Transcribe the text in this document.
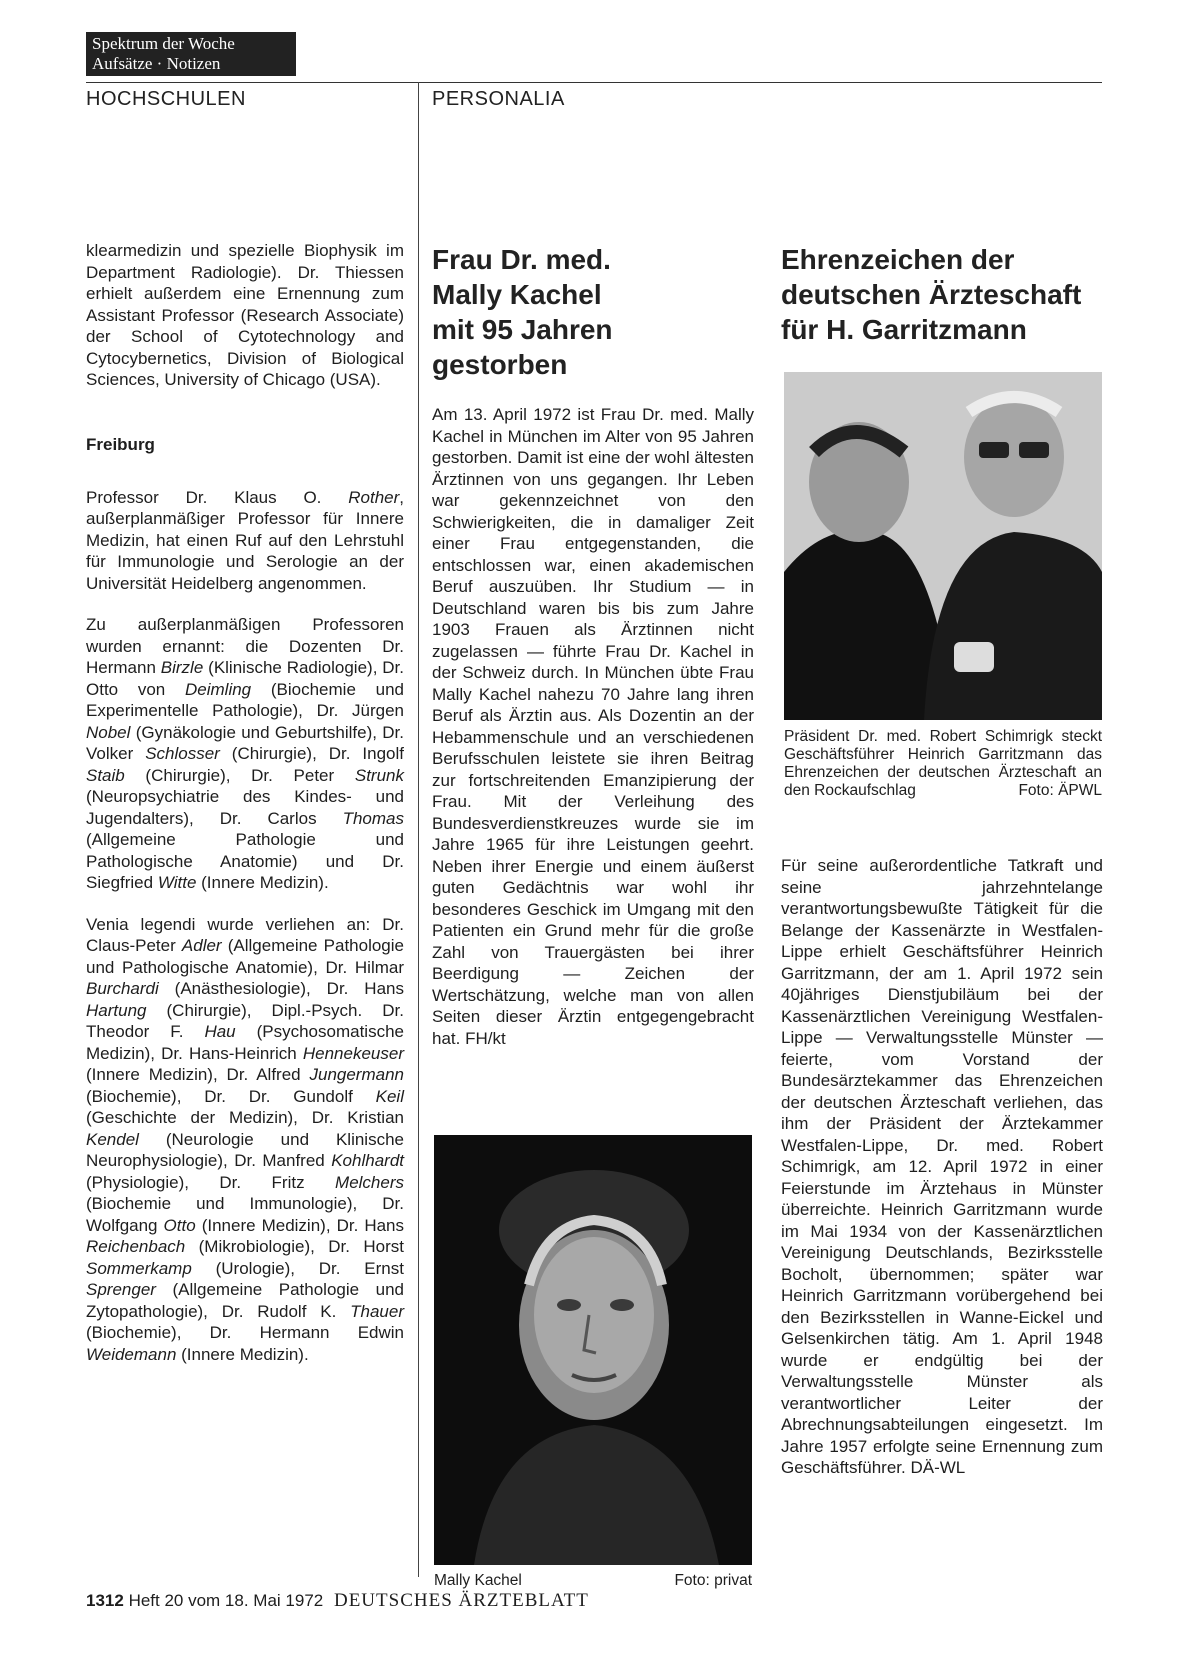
Spektrum der Woche
Aufsätze · Notizen
HOCHSCHULEN	PERSONALIA

klearmedizin und spezielle Biophysik im Department Radiologie). Dr. Thiessen erhielt außerdem eine Ernennung zum Assistant Professor (Research Associate) der School of Cytotechnology and Cytocybernetics, Division of Biological Sciences, University of Chicago (USA).

Freiburg

Professor Dr. Klaus O. Rother, außerplanmäßiger Professor für Innere Medizin, hat einen Ruf auf den Lehrstuhl für Immunologie und Serologie an der Universität Heidelberg angenommen.

Zu außerplanmäßigen Professoren wurden ernannt: die Dozenten Dr. Hermann Birzle (Klinische Radiologie), Dr. Otto von Deimling (Biochemie und Experimentelle Pathologie), Dr. Jürgen Nobel (Gynäkologie und Geburtshilfe), Dr. Volker Schlosser (Chirurgie), Dr. Ingolf Staib (Chirurgie), Dr. Peter Strunk (Neuropsychiatrie des Kindes- und Jugendalters), Dr. Carlos Thomas (Allgemeine Pathologie und Pathologische Anatomie) und Dr. Siegfried Witte (Innere Medizin).

Venia legendi wurde verliehen an: Dr. Claus-Peter Adler (Allgemeine Pathologie und Pathologische Anatomie), Dr. Hilmar Burchardi (Anästhesiologie), Dr. Hans Hartung (Chirurgie), Dipl.-Psych. Dr. Theodor F. Hau (Psychosomatische Medizin), Dr. Hans-Heinrich Hennekeuser (Innere Medizin), Dr. Alfred Jungermann (Biochemie), Dr. Dr. Gundolf Keil (Geschichte der Medizin), Dr. Kristian Kendel (Neurologie und Klinische Neurophysiologie), Dr. Manfred Kohlhardt (Physiologie), Dr. Fritz Melchers (Biochemie und Immunologie), Dr. Wolfgang Otto (Innere Medizin), Dr. Hans Reichenbach (Mikrobiologie), Dr. Horst Sommerkamp (Urologie), Dr. Ernst Sprenger (Allgemeine Pathologie und Zytopathologie), Dr. Rudolf K. Thauer (Biochemie), Dr. Hermann Edwin Weidemann (Innere Medizin).

Frau Dr. med.
Mally Kachel
mit 95 Jahren gestorben

Am 13. April 1972 ist Frau Dr. med. Mally Kachel in München im Alter von 95 Jahren gestorben. Damit ist eine der wohl ältesten Ärztinnen von uns gegangen. Ihr Leben war gekennzeichnet von den Schwierigkeiten, die in damaliger Zeit einer Frau entgegenstanden, die entschlossen war, einen akademischen Beruf auszuüben. Ihr Studium — in Deutschland waren bis bis zum Jahre 1903 Frauen als Ärztinnen nicht zugelassen — führte Frau Dr. Kachel in der Schweiz durch. In München übte Frau Mally Kachel nahezu 70 Jahre lang ihren Beruf als Ärztin aus. Als Dozentin an der Hebammenschule und an verschiedenen Berufsschulen leistete sie ihren Beitrag zur fortschreitenden Emanzipierung der Frau. Mit der Verleihung des Bundesverdienstkreuzes wurde sie im Jahre 1965 für ihre Leistungen geehrt. Neben ihrer Energie und einem äußerst guten Gedächtnis war wohl ihr besonderes Geschick im Umgang mit den Patienten ein Grund mehr für die große Zahl von Trauergästen bei ihrer Beerdigung — Zeichen der Wertschätzung, welche man von allen Seiten dieser Ärztin entgegengebracht hat. FH/kt

Mally Kachel	Foto: privat
Ehrenzeichen der
deutschen Ärzteschaft
für H. Garritzmann
Präsident Dr. med. Robert Schimrigk steckt Geschäftsführer Heinrich Garritzmann das Ehrenzeichen der deutschen Ärzteschaft an den Rockaufschlag	Foto: ÄPWL

Für seine außerordentliche Tatkraft und seine jahrzehntelange verantwortungsbewußte Tätigkeit für die Belange der Kassenärzte in Westfalen-Lippe erhielt Geschäftsführer Heinrich Garritzmann, der am 1. April 1972 sein 40jähriges Dienstjubiläum bei der Kassenärztlichen Vereinigung Westfalen-Lippe — Verwaltungsstelle Münster — feierte, vom Vorstand der Bundesärztekammer das Ehrenzeichen der deutschen Ärzteschaft verliehen, das ihm der Präsident der Ärztekammer Westfalen-Lippe, Dr. med. Robert Schimrigk, am 12. April 1972 in einer Feierstunde im Ärztehaus in Münster überreichte. Heinrich Garritzmann wurde im Mai 1934 von der Kassenärztlichen Vereinigung Deutschlands, Bezirksstelle Bocholt, übernommen; später war Heinrich Garritzmann vorübergehend bei den Bezirksstellen in Wanne-Eickel und Gelsenkirchen tätig. Am 1. April 1948 wurde er endgültig bei der Verwaltungsstelle Münster als verantwortlicher Leiter der Abrechnungsabteilungen eingesetzt. Im Jahre 1957 erfolgte seine Ernennung zum Geschäftsführer. DÄ-WL

1312 Heft 20 vom 18. Mai 1972 DEUTSCHES ÄRZTEBLATT
